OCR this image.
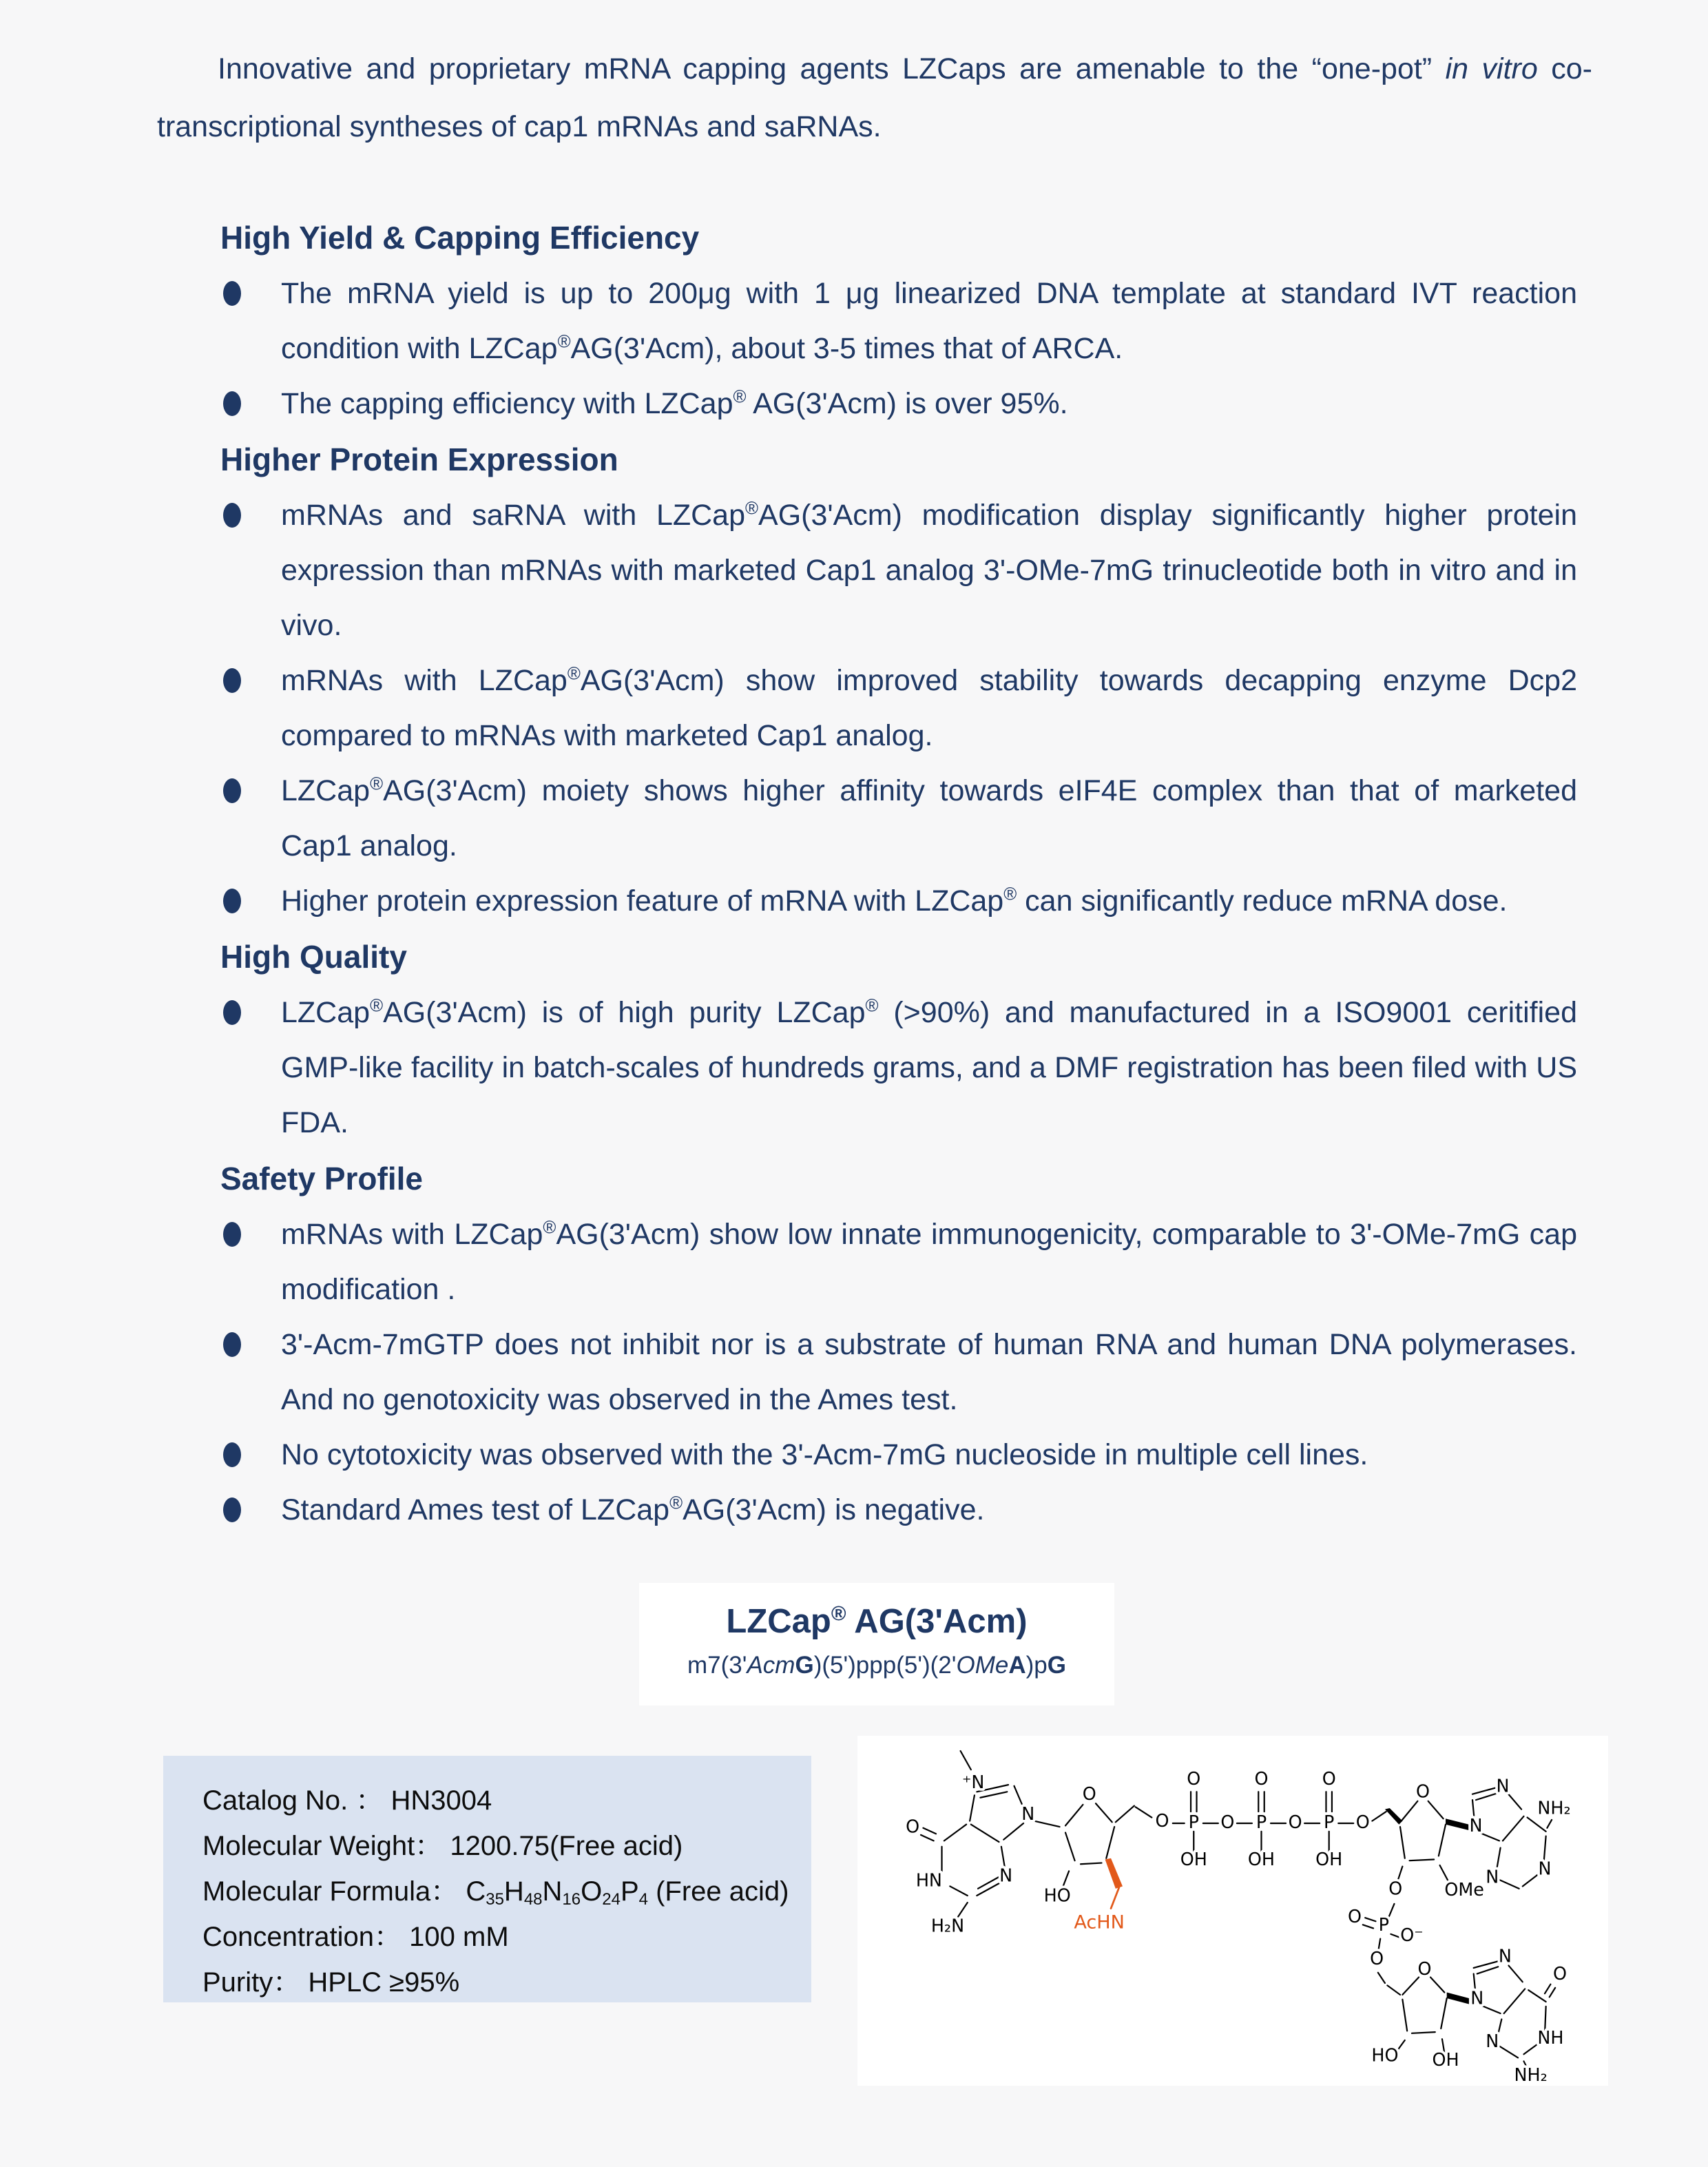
Innovative and proprietary mRNA capping agents LZCaps are amenable to the “one-pot” in vitro co-transcriptional syntheses of cap1 mRNAs and saRNAs.

High Yield & Capping Efficiency
The mRNA yield is up to 200μg with 1 μg linearized DNA template at standard IVT reaction condition with LZCap®AG(3'Acm), about 3-5 times that of ARCA.
The capping efficiency with LZCap® AG(3'Acm) is over 95%.
Higher Protein Expression
mRNAs and saRNA with LZCap®AG(3'Acm) modification display significantly higher protein expression than mRNAs with marketed Cap1 analog 3'-OMe-7mG trinucleotide both in vitro and in vivo.
mRNAs with LZCap®AG(3'Acm) show improved stability towards decapping enzyme Dcp2 compared to mRNAs with marketed Cap1 analog.
LZCap®AG(3'Acm) moiety shows higher affinity towards eIF4E complex than that of marketed Cap1 analog.
Higher protein expression feature of mRNA with LZCap® can significantly reduce mRNA dose.
High Quality
LZCap®AG(3'Acm) is of high purity LZCap® (>90%) and manufactured in a ISO9001 ceritified GMP-like facility in batch-scales of hundreds grams, and a DMF registration has been filed with US FDA.
Safety Profile
mRNAs with LZCap®AG(3'Acm) show low innate immunogenicity, comparable to 3'-OMe-7mG cap modification .
3'-Acm-7mGTP does not inhibit nor is a substrate of human RNA and human DNA polymerases. And no genotoxicity was observed in the Ames test.
No cytotoxicity was observed with the 3'-Acm-7mG nucleoside in multiple cell lines.
Standard Ames test of LZCap®AG(3'Acm) is negative.
LZCap® AG(3'Acm)
m7(3'AcmG)(5')ppp(5')(2'OMeA)pG
Catalog No. ： HN3004
Molecular Weight： 1200.75(Free acid)
Molecular Formula： $C_{35}H_{48}N_{16}O_{24}P_4$ (Free acid)
Concentration： 100 mM
Purity： HPLC ≥95%
⁺N
O
HN	N
H₂N
N
O
HO
AcHN
O
O
P
OH
O
O
P
OH
O
O
P
OH
O
O
N
N
NH₂
N
N
OMe
O
O P
O⁻
O
O
HO OH
N
N
O
NH
N
NH₂
